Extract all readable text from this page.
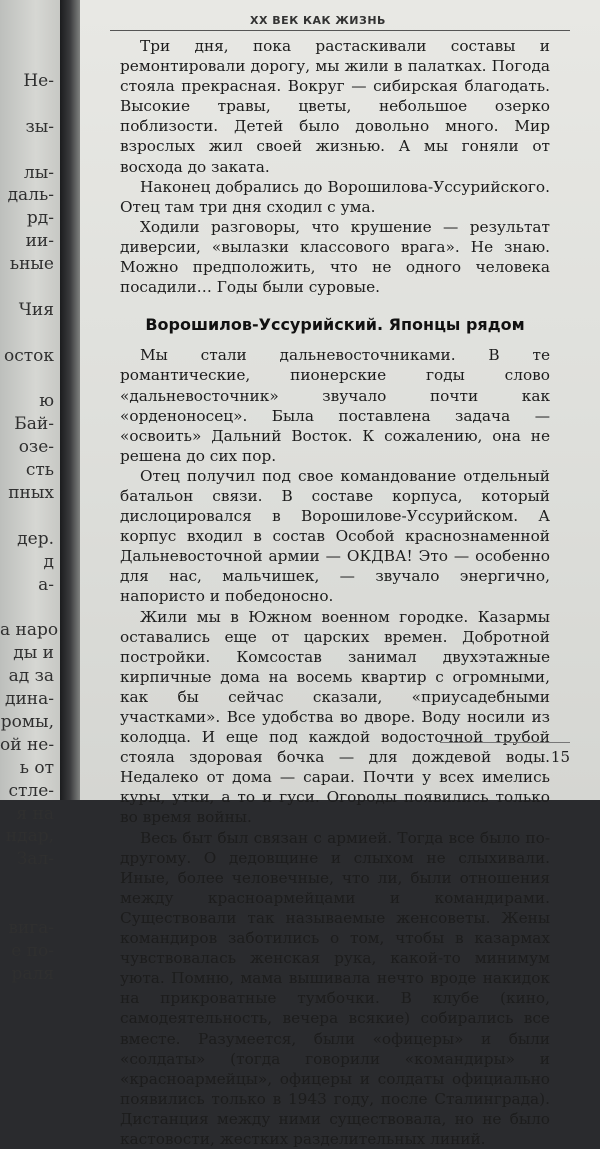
Не-
зы-
лы-
даль-
рд-
ии-
ьные
Чия
осток
ю
Бай-
озе-
сть
пных
дер.
д
а-
а наро
ды и
ад за
дина-
ромы,
ой не-
ь от
стле-
я на
ндар,
Зал-
вига-
е по-
раля
XX ВЕК КАК ЖИЗНЬ

Три дня, пока растаскивали составы и ремонтировали дорогу, мы жили в палатках. Погода стояла прекрасная. Вокруг — сибирская благодать. Высокие травы, цветы, небольшое озерко поблизости. Детей было довольно много. Мир взрослых жил своей жизнью. А мы гоняли от восхода до заката.

Наконец добрались до Ворошилова-Уссурийского. Отец там три дня сходил с ума.

Ходили разговоры, что крушение — результат диверсии, «вылазки классового врага». Не знаю. Можно предположить, что не одного человека посадили… Годы были суровые.

Ворошилов-Уссурийский. Японцы рядом

Мы стали дальневосточниками. В те романтические, пионерские годы слово «дальневосточник» звучало почти как «орденоносец». Была поставлена задача — «освоить» Дальний Восток. К сожалению, она не решена до сих пор.

Отец получил под свое командование отдельный батальон связи. В составе корпуса, который дислоцировался в Ворошилове-Уссурийском. А корпус входил в состав Особой краснознаменной Дальневосточной армии — ОКДВА! Это — особенно для нас, мальчишек, — звучало энергично, напористо и победоносно.

Жили мы в Южном военном городке. Казармы оставались еще от царских времен. Добротной постройки. Комсостав занимал двухэтажные кирпичные дома на восемь квартир с огромными, как бы сейчас сказали, «приусадебными участками». Все удобства во дворе. Воду носили из колодца. И еще под каждой водосточной трубой стояла здоровая бочка — для дождевой воды. Недалеко от дома — сараи. Почти у всех имелись куры, утки, а то и гуси. Огороды появились только во время войны.

Весь быт был связан с армией. Тогда все было по-другому. О дедовщине и слыхом не слыхивали. Иные, более человечные, что ли, были отношения между красноармейцами и командирами. Существовали так называемые женсоветы. Жены командиров заботились о том, чтобы в казармах чувствовалась женская рука, какой-то минимум уюта. Помню, мама вышивала нечто вроде накидок на прикроватные тумбочки. В клубе (кино, самодеятельность, вечера всякие) собирались все вместе. Разумеется, были «офицеры» и были «солдаты» (тогда говорили «командиры» и «красноармейцы», офицеры и солдаты официально появились только в 1943 году, после Сталинграда). Дистанция между ними существовала, но не было кастовости, жестких разделительных линий.

15
